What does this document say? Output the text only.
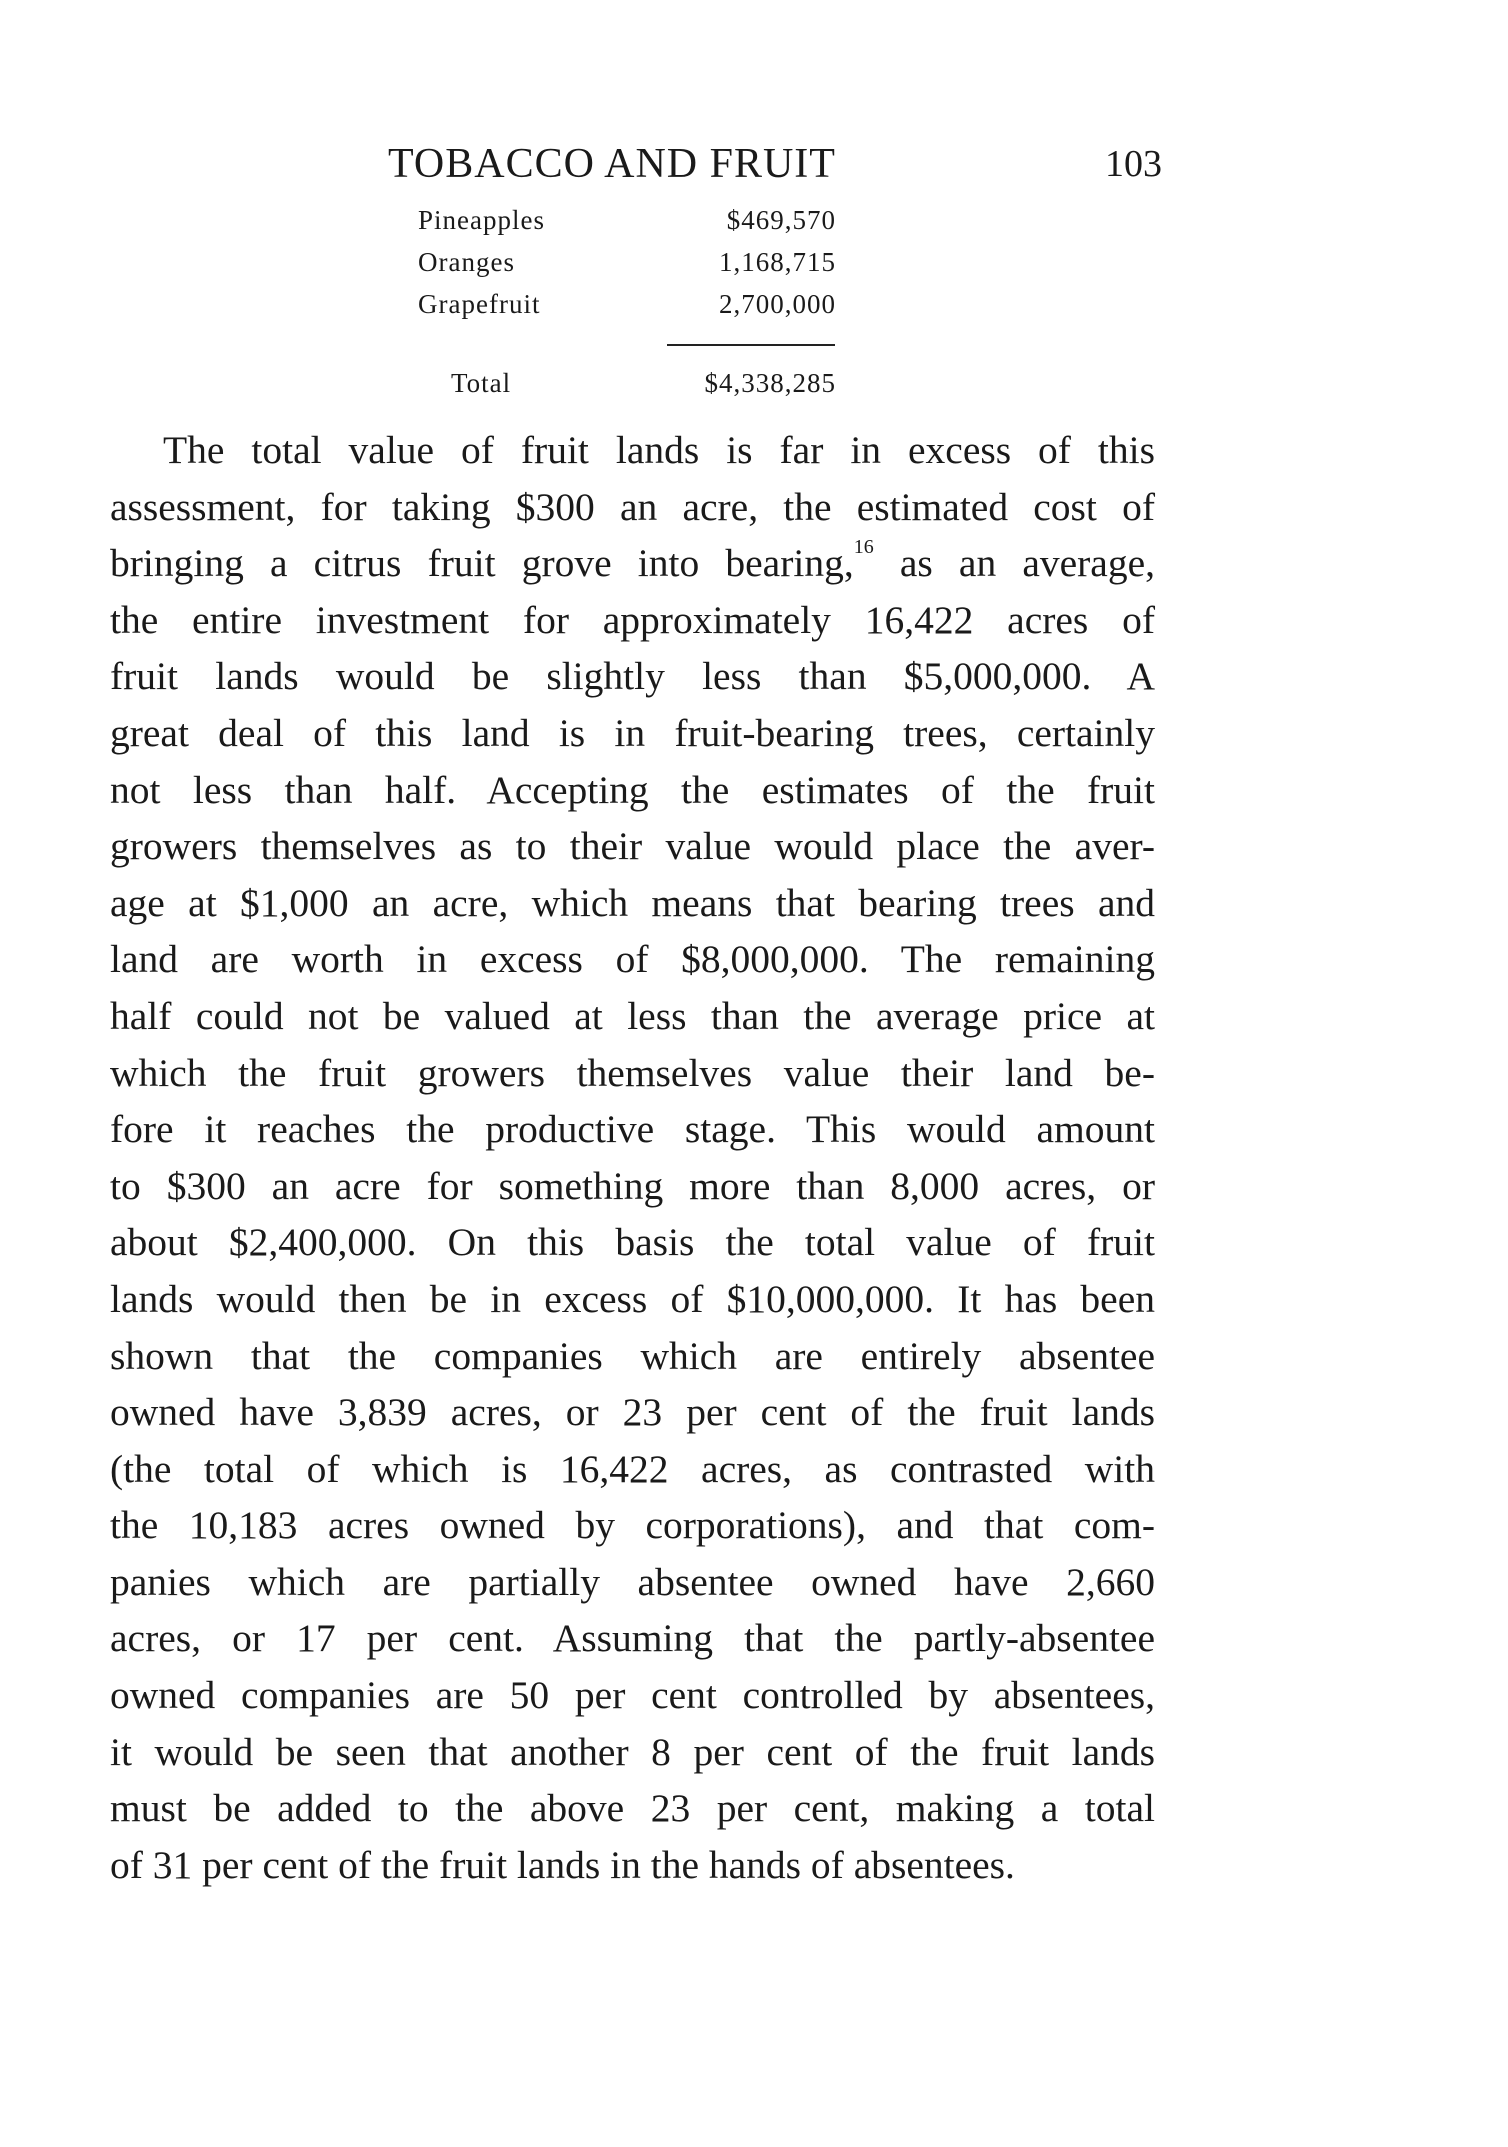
TOBACCO AND FRUIT	103
Pineapples	$469,570
Oranges	1,168,715
Grapefruit	2,700,000
Total	$4,338,285
The total value of fruit lands is far in excess of this
assessment, for taking $300 an acre, the estimated cost of
bringing a citrus fruit grove into bearing,$^{16}$ as an average,
the entire investment for approximately 16,422 acres of
fruit lands would be slightly less than $5,000,000. A
great deal of this land is in fruit-bearing trees, certainly
not less than half. Accepting the estimates of the fruit
growers themselves as to their value would place the aver-
age at $1,000 an acre, which means that bearing trees and
land are worth in excess of $8,000,000. The remaining
half could not be valued at less than the average price at
which the fruit growers themselves value their land be-
fore it reaches the productive stage. This would amount
to $300 an acre for something more than 8,000 acres, or
about $2,400,000. On this basis the total value of fruit
lands would then be in excess of $10,000,000. It has been
shown that the companies which are entirely absentee
owned have 3,839 acres, or 23 per cent of the fruit lands
(the total of which is 16,422 acres, as contrasted with
the 10,183 acres owned by corporations), and that com-
panies which are partially absentee owned have 2,660
acres, or 17 per cent. Assuming that the partly-absentee
owned companies are 50 per cent controlled by absentees,
it would be seen that another 8 per cent of the fruit lands
must be added to the above 23 per cent, making a total
of 31 per cent of the fruit lands in the hands of absentees.
